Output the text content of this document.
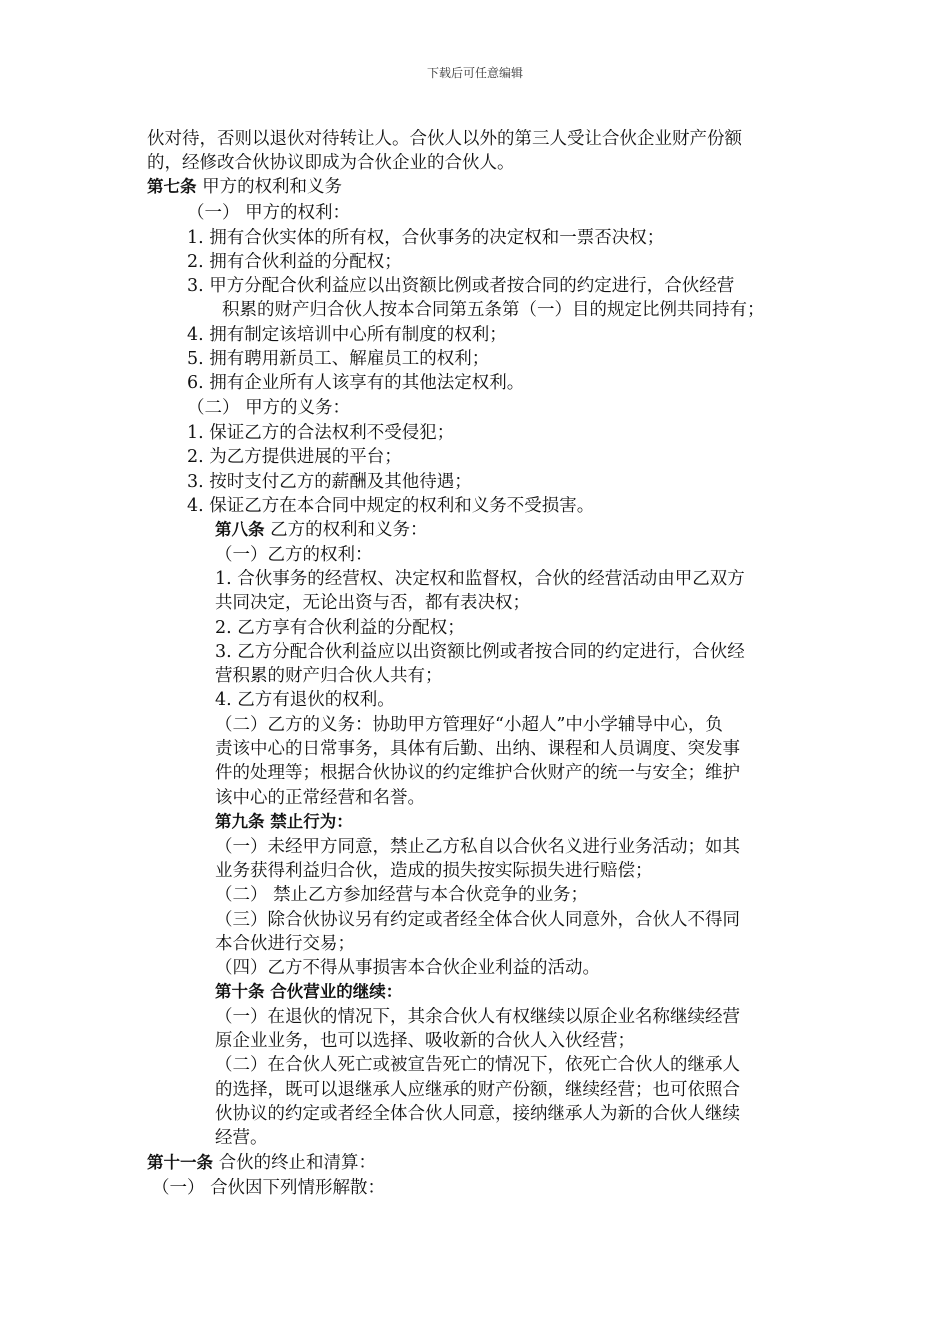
下载后可任意编辑
伙对待，否则以退伙对待转让人。合伙人以外的第三人受让合伙企业财产份额
的，经修改合伙协议即成为合伙企业的合伙人。
第七条 甲方的权利和义务
（一） 甲方的权利：
1. 拥有合伙实体的所有权，合伙事务的决定权和一票否决权；
2. 拥有合伙利益的分配权；
3. 甲方分配合伙利益应以出资额比例或者按合同的约定进行，合伙经营
积累的财产归合伙人按本合同第五条第（一）目的规定比例共同持有；
4. 拥有制定该培训中心所有制度的权利；
5. 拥有聘用新员工、解雇员工的权利；
6. 拥有企业所有人该享有的其他法定权利。
（二） 甲方的义务：
1. 保证乙方的合法权利不受侵犯；
2. 为乙方提供进展的平台；
3. 按时支付乙方的薪酬及其他待遇；
4. 保证乙方在本合同中规定的权利和义务不受损害。
第八条 乙方的权利和义务：
（一）乙方的权利：
1. 合伙事务的经营权、决定权和监督权，合伙的经营活动由甲乙双方
共同决定，无论出资与否，都有表决权；
2. 乙方享有合伙利益的分配权；
3. 乙方分配合伙利益应以出资额比例或者按合同的约定进行，合伙经
营积累的财产归合伙人共有；
4. 乙方有退伙的权利。
（二）乙方的义务：协助甲方管理好“小超人”中小学辅导中心，负
责该中心的日常事务，具体有后勤、出纳、课程和人员调度、突发事
件的处理等；根据合伙协议的约定维护合伙财产的统一与安全；维护
该中心的正常经营和名誉。
第九条 禁止行为：
（一）未经甲方同意，禁止乙方私自以合伙名义进行业务活动；如其
业务获得利益归合伙，造成的损失按实际损失进行赔偿；
（二） 禁止乙方参加经营与本合伙竞争的业务；
（三）除合伙协议另有约定或者经全体合伙人同意外，合伙人不得同
本合伙进行交易；
（四）乙方不得从事损害本合伙企业利益的活动。
第十条 合伙营业的继续：
（一）在退伙的情况下，其余合伙人有权继续以原企业名称继续经营
原企业业务，也可以选择、吸收新的合伙人入伙经营；
（二）在合伙人死亡或被宣告死亡的情况下，依死亡合伙人的继承人
的选择，既可以退继承人应继承的财产份额，继续经营；也可依照合
伙协议的约定或者经全体合伙人同意，接纳继承人为新的合伙人继续
经营。
第十一条 合伙的终止和清算：
（一） 合伙因下列情形解散：
